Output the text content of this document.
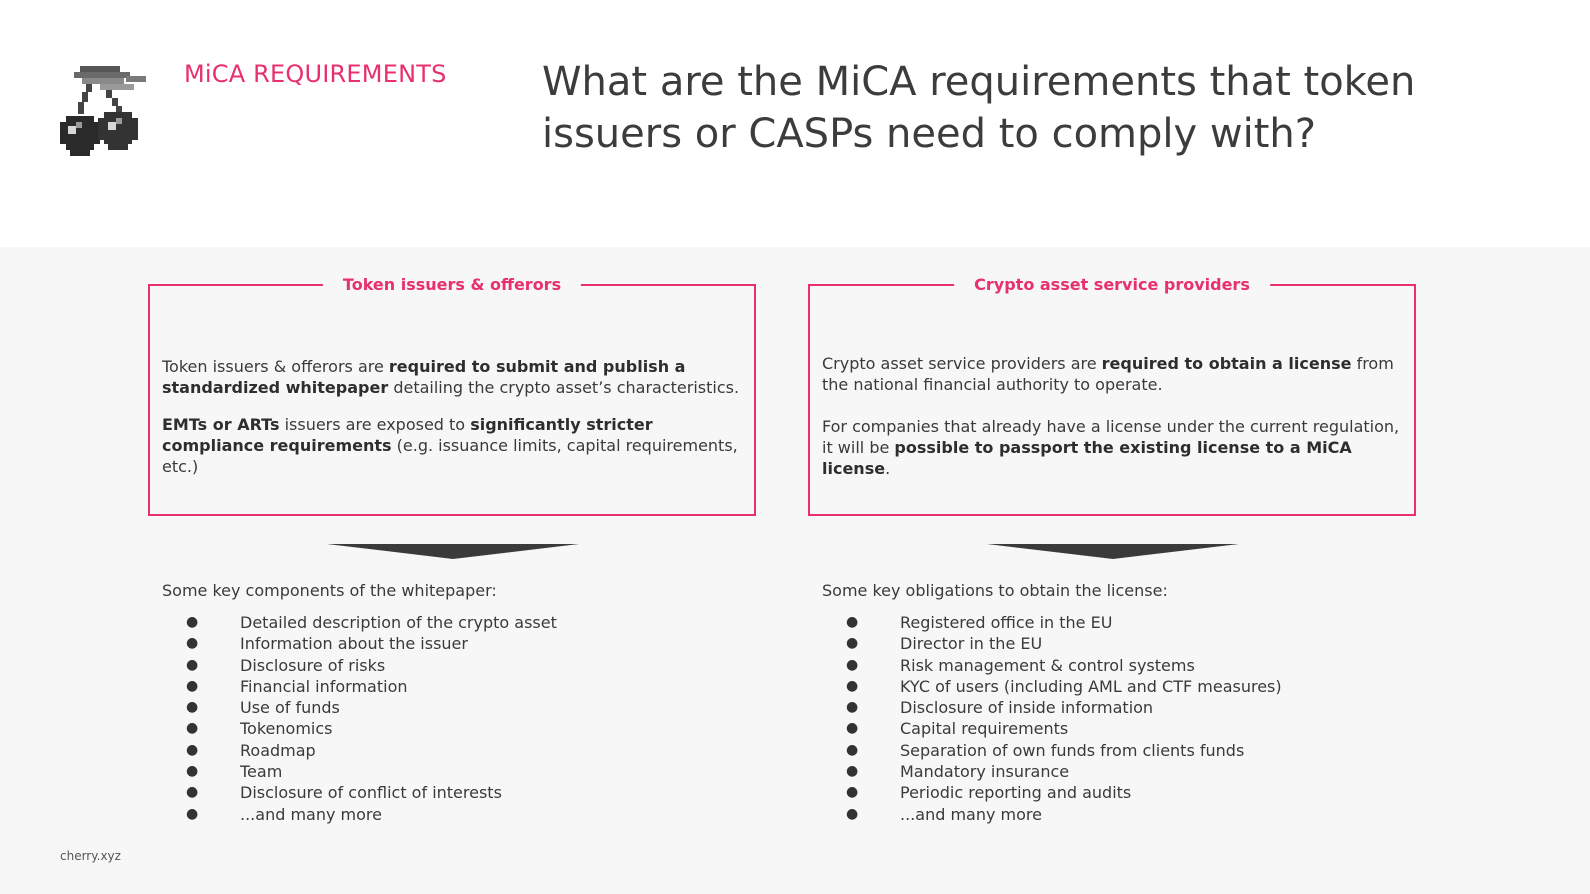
MiCA REQUIREMENTS What are the MiCA requirements that token issuers or CASPs need to comply with?
Token issuers & offerors

Token issuers & offerors are required to submit and publish a standardized whitepaper detailing the crypto asset’s characteristics.

EMTs or ARTs issuers are exposed to significantly stricter compliance requirements (e.g. issuance limits, capital requirements, etc.)

Crypto asset service providers

Crypto asset service providers are required to obtain a license from the national financial authority to operate.

For companies that already have a license under the current regulation, it will be possible to passport the existing license to a MiCA license.

Some key components of the whitepaper:
●	Detailed description of the crypto asset
●	Information about the issuer
●	Disclosure of risks
●	Financial information
●	Use of funds
●	Tokenomics
●	Roadmap
●	Team
●	Disclosure of conflict of interests
●	...and many more
Some key obligations to obtain the license:
●	Registered office in the EU
●	Director in the EU
●	Risk management & control systems
●	KYC of users (including AML and CTF measures)
●	Disclosure of inside information
●	Capital requirements
●	Separation of own funds from clients funds
●	Mandatory insurance
●	Periodic reporting and audits
●	...and many more
cherry.xyz
